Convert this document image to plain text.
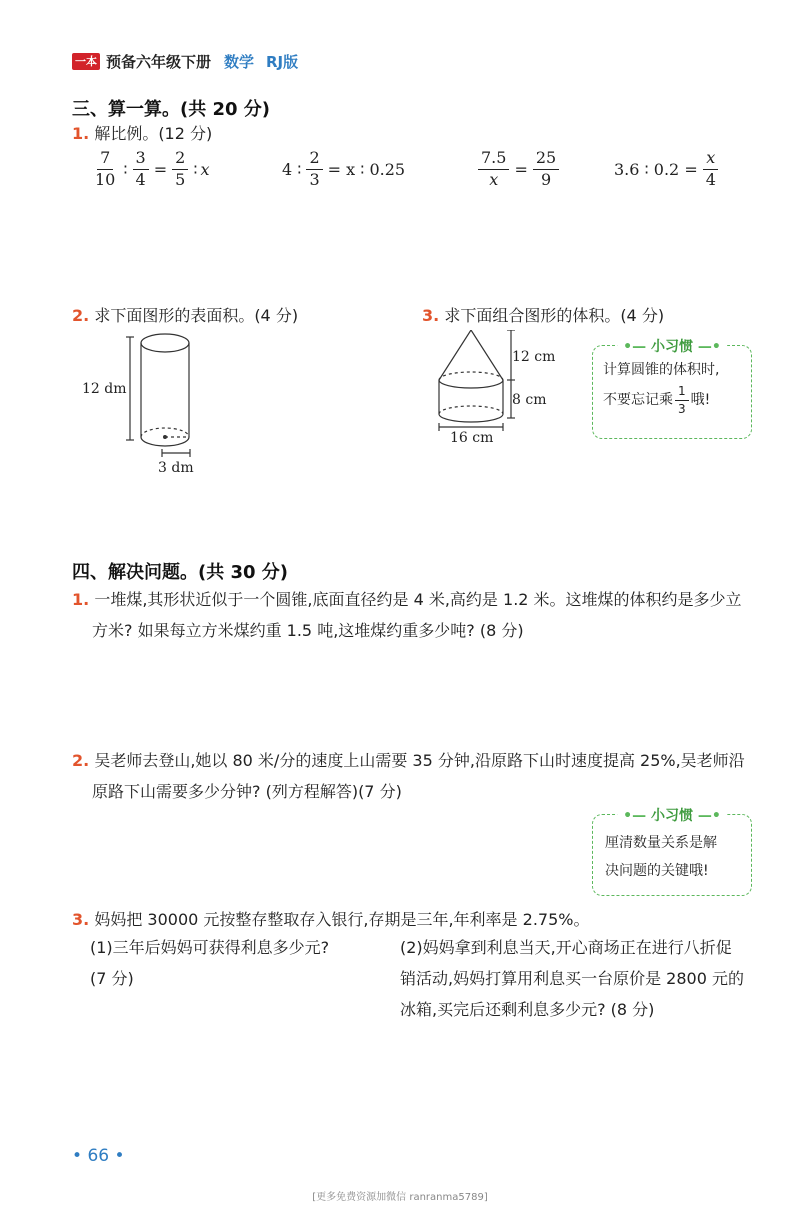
一本 预备六年级下册 数学 RJ版
三、算一算。(共 20 分)
1. 解比例。(12 分)
$\frac{7}{10}$ ∶ $\frac{3}{4} = \frac{2}{5}$ ∶ x	4 ∶ $\frac{2}{3} = x$ ∶ 0.25	$\frac{7.5}{x} = \frac{25}{9}$	3.6 ∶ $0.2 = \frac{x}{4}$
2. 求下面图形的表面积。(4 分)
12 dm
3 dm
3. 求下面组合图形的体积。(4 分)
12 cm
8 cm
16 cm
•— 小习惯 —•
计算圆锥的体积时,
不要忘记乘 $\frac{1}{3}$ 哦!
四、解决问题。(共 30 分)
1. 一堆煤,其形状近似于一个圆锥,底面直径约是 4 米,高约是 1.2 米。这堆煤的体积约是多少立
方米? 如果每立方米煤约重 1.5 吨,这堆煤约重多少吨? (8 分)
2. 吴老师去登山,她以 80 米/分的速度上山需要 35 分钟,沿原路下山时速度提高 25%,吴老师沿
原路下山需要多少分钟? (列方程解答)(7 分)
•— 小习惯 —•
厘清数量关系是解
决问题的关键哦!
3. 妈妈把 30000 元按整存整取存入银行,存期是三年,年利率是 2.75%。
(1)三年后妈妈可获得利息多少元?
(7 分)
(2)妈妈拿到利息当天,开心商场正在进行八折促
销活动,妈妈打算用利息买一台原价是 2800 元的
冰箱,买完后还剩利息多少元? (8 分)
• 66 •
[更多免费资源加微信 ranranma5789]
